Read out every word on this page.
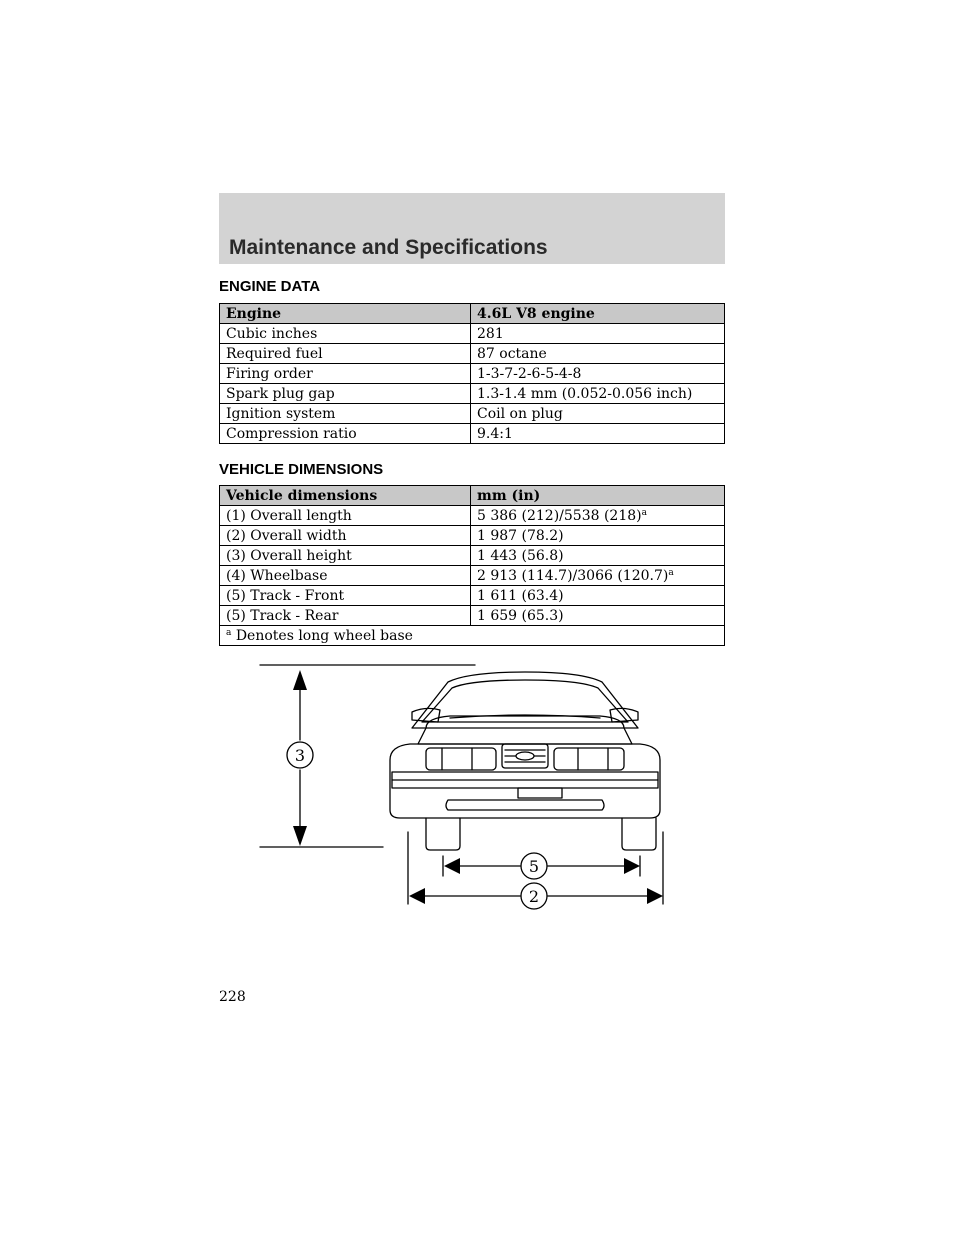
Maintenance and Specifications
ENGINE DATA
Engine	4.6L V8 engine
Cubic inches	281
Required fuel	87 octane
Firing order	1-3-7-2-6-5-4-8
Spark plug gap	1.3-1.4 mm (0.052-0.056 inch)
Ignition system	Coil on plug
Compression ratio	9.4:1
VEHICLE DIMENSIONS
Vehicle dimensions	mm (in)
(1) Overall length	5 386 (212)/5538 $(218)^a$
(2) Overall width	1 987 (78.2)
(3) Overall height	1 443 (56.8)
(4) Wheelbase	2 913 (114.7)/3066 $(120.7)^a$
(5) Track - Front	1 611 (63.4)
(5) Track - Rear	1 659 (65.3)
$^a$ Denotes long wheel base	
3
5
2
228
